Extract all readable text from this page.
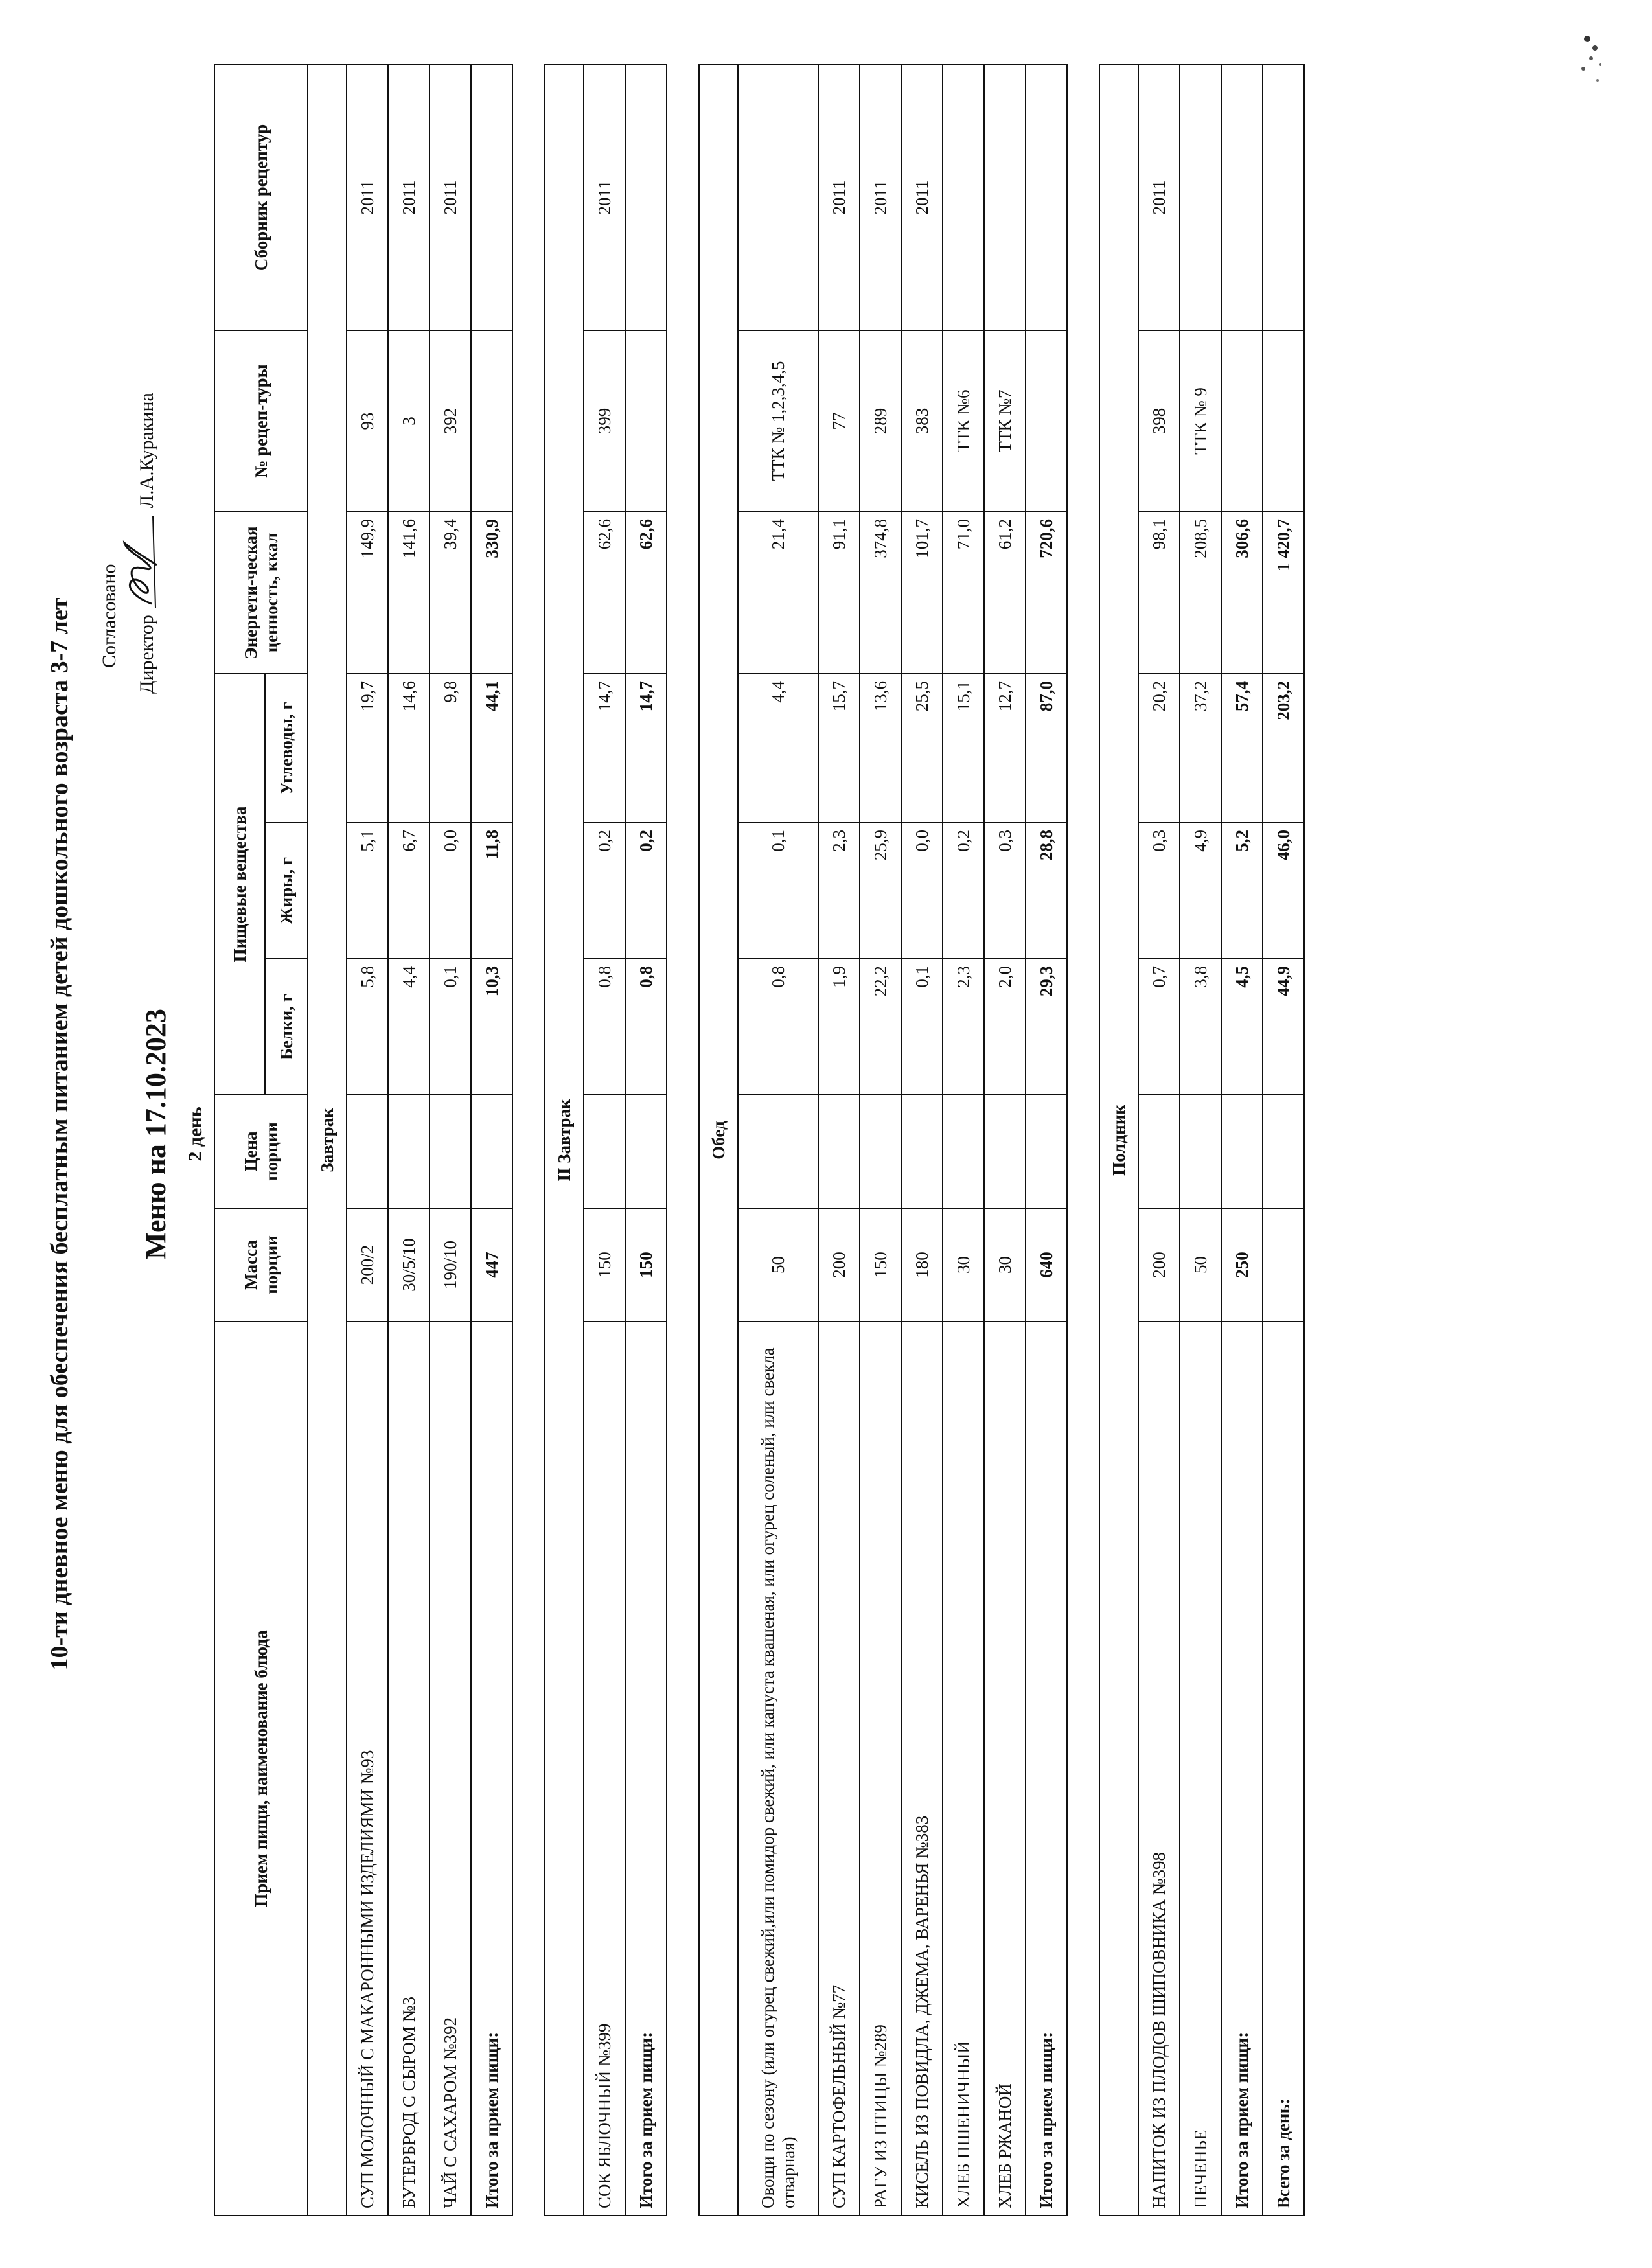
10-ти дневное меню для обеспечения бесплатным питанием детей дошкольного возраста 3-7 лет Согласовано Директор  Л.А.Куракина
Меню на 17.10.2023 2 день
Прием пищи, наименование блюда	Масса порции	Цена порции	Пищевые вещества			Энергети-ческая ценность, ккал	№ рецеп-туры	Сборник рецептур
			Белки, г	Жиры, г	Углеводы, г			
Завтрак								
СУП МОЛОЧНЫЙ С МАКАРОННЫМИ ИЗДЕЛИЯМИ №93	200/2		5,8	5,1	19,7	149,9	93	2011
БУТЕРБРОД С СЫРОМ №3	30/5/10		4,4	6,7	14,6	141,6	3	2011
ЧАЙ С САХАРОМ №392	190/10		0,1	0,0	9,8	39,4	392	2011
Итого за прием пищи:	447		10,3	11,8	44,1	330,9		

II Завтрак								
СОК ЯБЛОЧНЫЙ №399	150		0,8	0,2	14,7	62,6	399	2011
Итого за прием пищи:	150		0,8	0,2	14,7	62,6		

Обед								
Овощи по сезону (или огурец свежий,или помидор свежий, или капуста квашеная, или огурец соленый, или свекла отварная)	50		0,8	0,1	4,4	21,4	ТТК № 1,2,3,4,5	
СУП КАРТОФЕЛЬНЫЙ №77	200		1,9	2,3	15,7	91,1	77	2011
РАГУ ИЗ ПТИЦЫ №289	150		22,2	25,9	13,6	374,8	289	2011
КИСЕЛЬ ИЗ ПОВИДЛА, ДЖЕМА, ВАРЕНЬЯ №383	180		0,1	0,0	25,5	101,7	383	2011
ХЛЕБ ПШЕНИЧНЫЙ	30		2,3	0,2	15,1	71,0	ТТК №6	
ХЛЕБ РЖАНОЙ	30		2,0	0,3	12,7	61,2	ТТК №7	
Итого за прием пищи:	640		29,3	28,8	87,0	720,6		

Полдник								
НАПИТОК ИЗ ПЛОДОВ ШИПОВНИКА №398	200		0,7	0,3	20,2	98,1	398	2011
ПЕЧЕНЬЕ	50		3,8	4,9	37,2	208,5	ТТК № 9	
Итого за прием пищи:	250		4,5	5,2	57,4	306,6		
Всего за день:			44,9	46,0	203,2	1 420,7		
